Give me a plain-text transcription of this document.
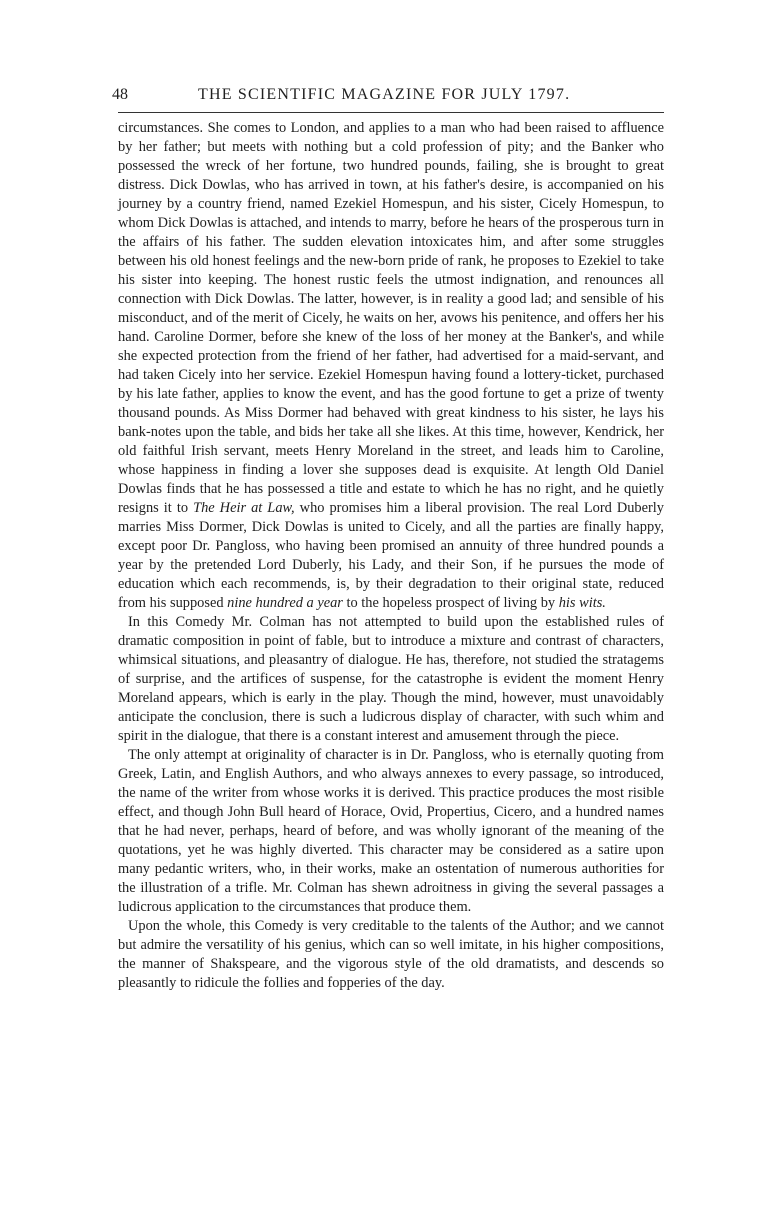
48	THE SCIENTIFIC MAGAZINE FOR JULY 1797.

circumstances. She comes to London, and applies to a man who had been raised to affluence by her father; but meets with nothing but a cold profession of pity; and the Banker who possessed the wreck of her fortune, two hundred pounds, failing, she is brought to great distress. Dick Dowlas, who has arrived in town, at his father's desire, is accompanied on his journey by a country friend, named Ezekiel Homespun, and his sister, Cicely Homespun, to whom Dick Dowlas is attached, and intends to marry, before he hears of the prosperous turn in the affairs of his father. The sudden elevation intoxicates him, and after some struggles between his old honest feelings and the new-born pride of rank, he proposes to Ezekiel to take his sister into keeping. The honest rustic feels the utmost indignation, and renounces all connection with Dick Dowlas. The latter, however, is in reality a good lad; and sensible of his misconduct, and of the merit of Cicely, he waits on her, avows his penitence, and offers her his hand. Caroline Dormer, before she knew of the loss of her money at the Banker's, and while she expected protection from the friend of her father, had advertised for a maid-servant, and had taken Cicely into her service. Ezekiel Homespun having found a lottery-ticket, purchased by his late father, applies to know the event, and has the good fortune to get a prize of twenty thousand pounds. As Miss Dormer had behaved with great kindness to his sister, he lays his bank-notes upon the table, and bids her take all she likes. At this time, however, Kendrick, her old faithful Irish servant, meets Henry Moreland in the street, and leads him to Caroline, whose happiness in finding a lover she supposes dead is exquisite. At length Old Daniel Dowlas finds that he has possessed a title and estate to which he has no right, and he quietly resigns it to The Heir at Law, who promises him a liberal provision. The real Lord Duberly marries Miss Dormer, Dick Dowlas is united to Cicely, and all the parties are finally happy, except poor Dr. Pangloss, who having been promised an annuity of three hundred pounds a year by the pretended Lord Duberly, his Lady, and their Son, if he pursues the mode of education which each recommends, is, by their degradation to their original state, reduced from his supposed nine hundred a year to the hopeless prospect of living by his wits.

In this Comedy Mr. Colman has not attempted to build upon the established rules of dramatic composition in point of fable, but to introduce a mixture and contrast of characters, whimsical situations, and pleasantry of dialogue. He has, therefore, not studied the stratagems of surprise, and the artifices of suspense, for the catastrophe is evident the moment Henry Moreland appears, which is early in the play. Though the mind, however, must unavoidably anticipate the conclusion, there is such a ludicrous display of character, with such whim and spirit in the dialogue, that there is a constant interest and amusement through the piece.

The only attempt at originality of character is in Dr. Pangloss, who is eternally quoting from Greek, Latin, and English Authors, and who always annexes to every passage, so introduced, the name of the writer from whose works it is derived. This practice produces the most risible effect, and though John Bull heard of Horace, Ovid, Propertius, Cicero, and a hundred names that he had never, perhaps, heard of before, and was wholly ignorant of the meaning of the quotations, yet he was highly diverted. This character may be considered as a satire upon many pedantic writers, who, in their works, make an ostentation of numerous authorities for the illustration of a trifle. Mr. Colman has shewn adroitness in giving the several passages a ludicrous application to the circumstances that produce them.

Upon the whole, this Comedy is very creditable to the talents of the Author; and we cannot but admire the versatility of his genius, which can so well imitate, in his higher compositions, the manner of Shakspeare, and the vigorous style of the old dramatists, and descends so pleasantly to ridicule the follies and fopperies of the day.
